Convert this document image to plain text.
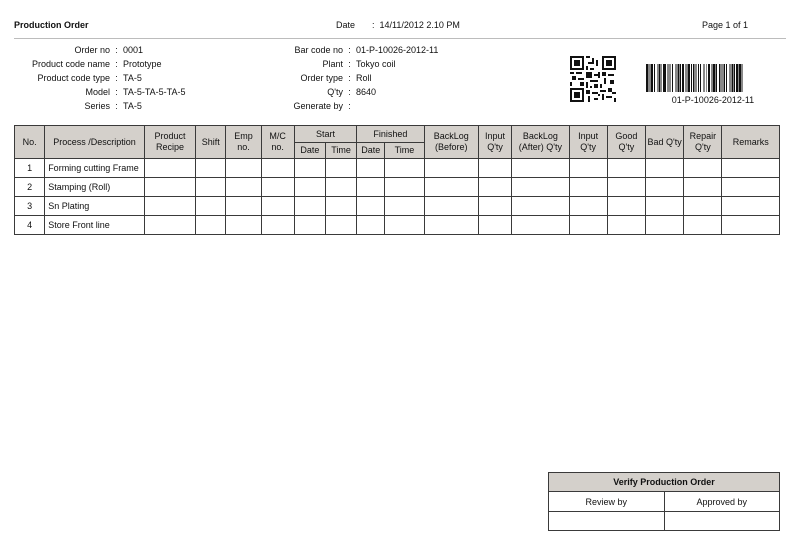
Production Order	Date :  14/11/2012 2.10 PM	Page 1 of 1
Order no : 0001
Product code name : Prototype
Product code type : TA-5
Model : TA-5-TA-5-TA-5
Series : TA-5
Bar code no : 01-P-10026-2012-11
Plant : Tokyo coil
Order type : Roll
Q'ty : 8640
Generate by :
01-P-10026-2012-11
No.	Process /Description	Product Recipe	Shift	Emp no.	M/C no.	Start		Finished		BackLog (Before)	Input Q'ty	BackLog (After) Q'ty	Input Q'ty	Good Q'ty	Bad Q'ty	Repair Q'ty	Remarks
						Date	Time	Date	Time								
1	Forming cutting Frame																
2	Stamping (Roll)																
3	Sn Plating																
4	Store Front line																
Verify Production Order	
Review by	Approved by
